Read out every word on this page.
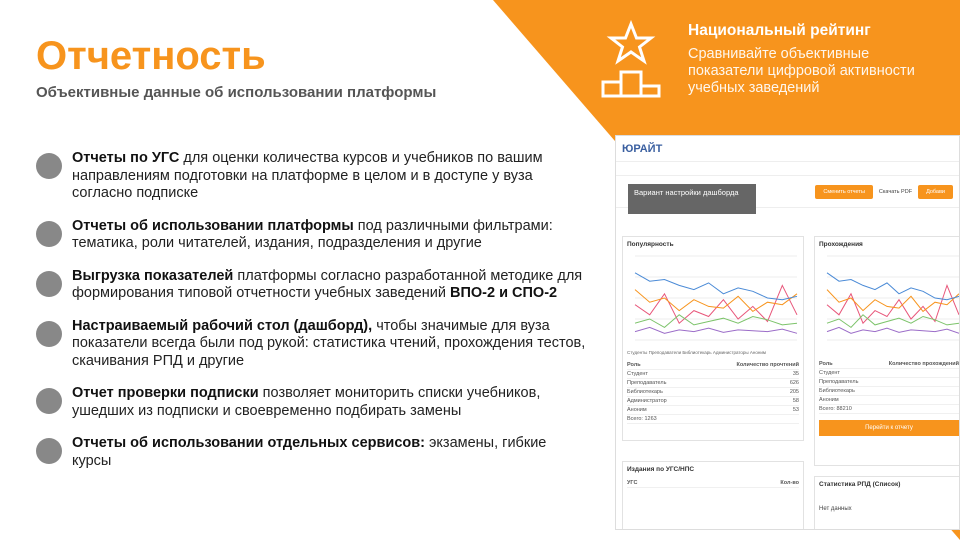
Отчетность
Объективные данные об использовании платформы
Отчеты по УГС для оценки количества курсов и учебников по вашим направлениям подготовки на платформе в целом и в доступе у вуза согласно подписке
Отчеты об использовании платформы под различными фильтрами: тематика, роли читателей, издания, подразделения и другие
Выгрузка показателей платформы согласно разработанной методике для формирования типовой отчетности учебных заведений ВПО-2 и СПО-2
Настраиваемый рабочий стол (дашборд), чтобы значимые для вуза показатели всегда были под рукой: статистика чтений, прохождения тестов, скачивания РПД и другие
Отчет проверки подписки позволяет мониторить списки учебников, ушедших из подписки и своевременно подбирать замены
Отчеты об использовании отдельных сервисов: экзамены, гибкие курсы
Национальный рейтинг

Сравнивайте объективные показатели цифровой активности учебных заведений

ЮРАЙТ
Сменить отчеты	Скачать PDF	Добави
Вариант настройки дашборда
Популярность
Студенты Преподаватели Библиотекарь Администраторы Аноним
Роль	Количество прочтений
Студент	35
Преподаватель	626
Библиотекарь	205
Администратор	58
Аноним	53
Всего: 1263
Прохождения
Роль	Количество прохождений
Студент
Преподаватель
Библиотекарь
Аноним
Всего: 88210
Перейти к отчету
Издания по УГС/НПС
УГС	Кол-во	Статистика РПД (Список)
Нет данных
